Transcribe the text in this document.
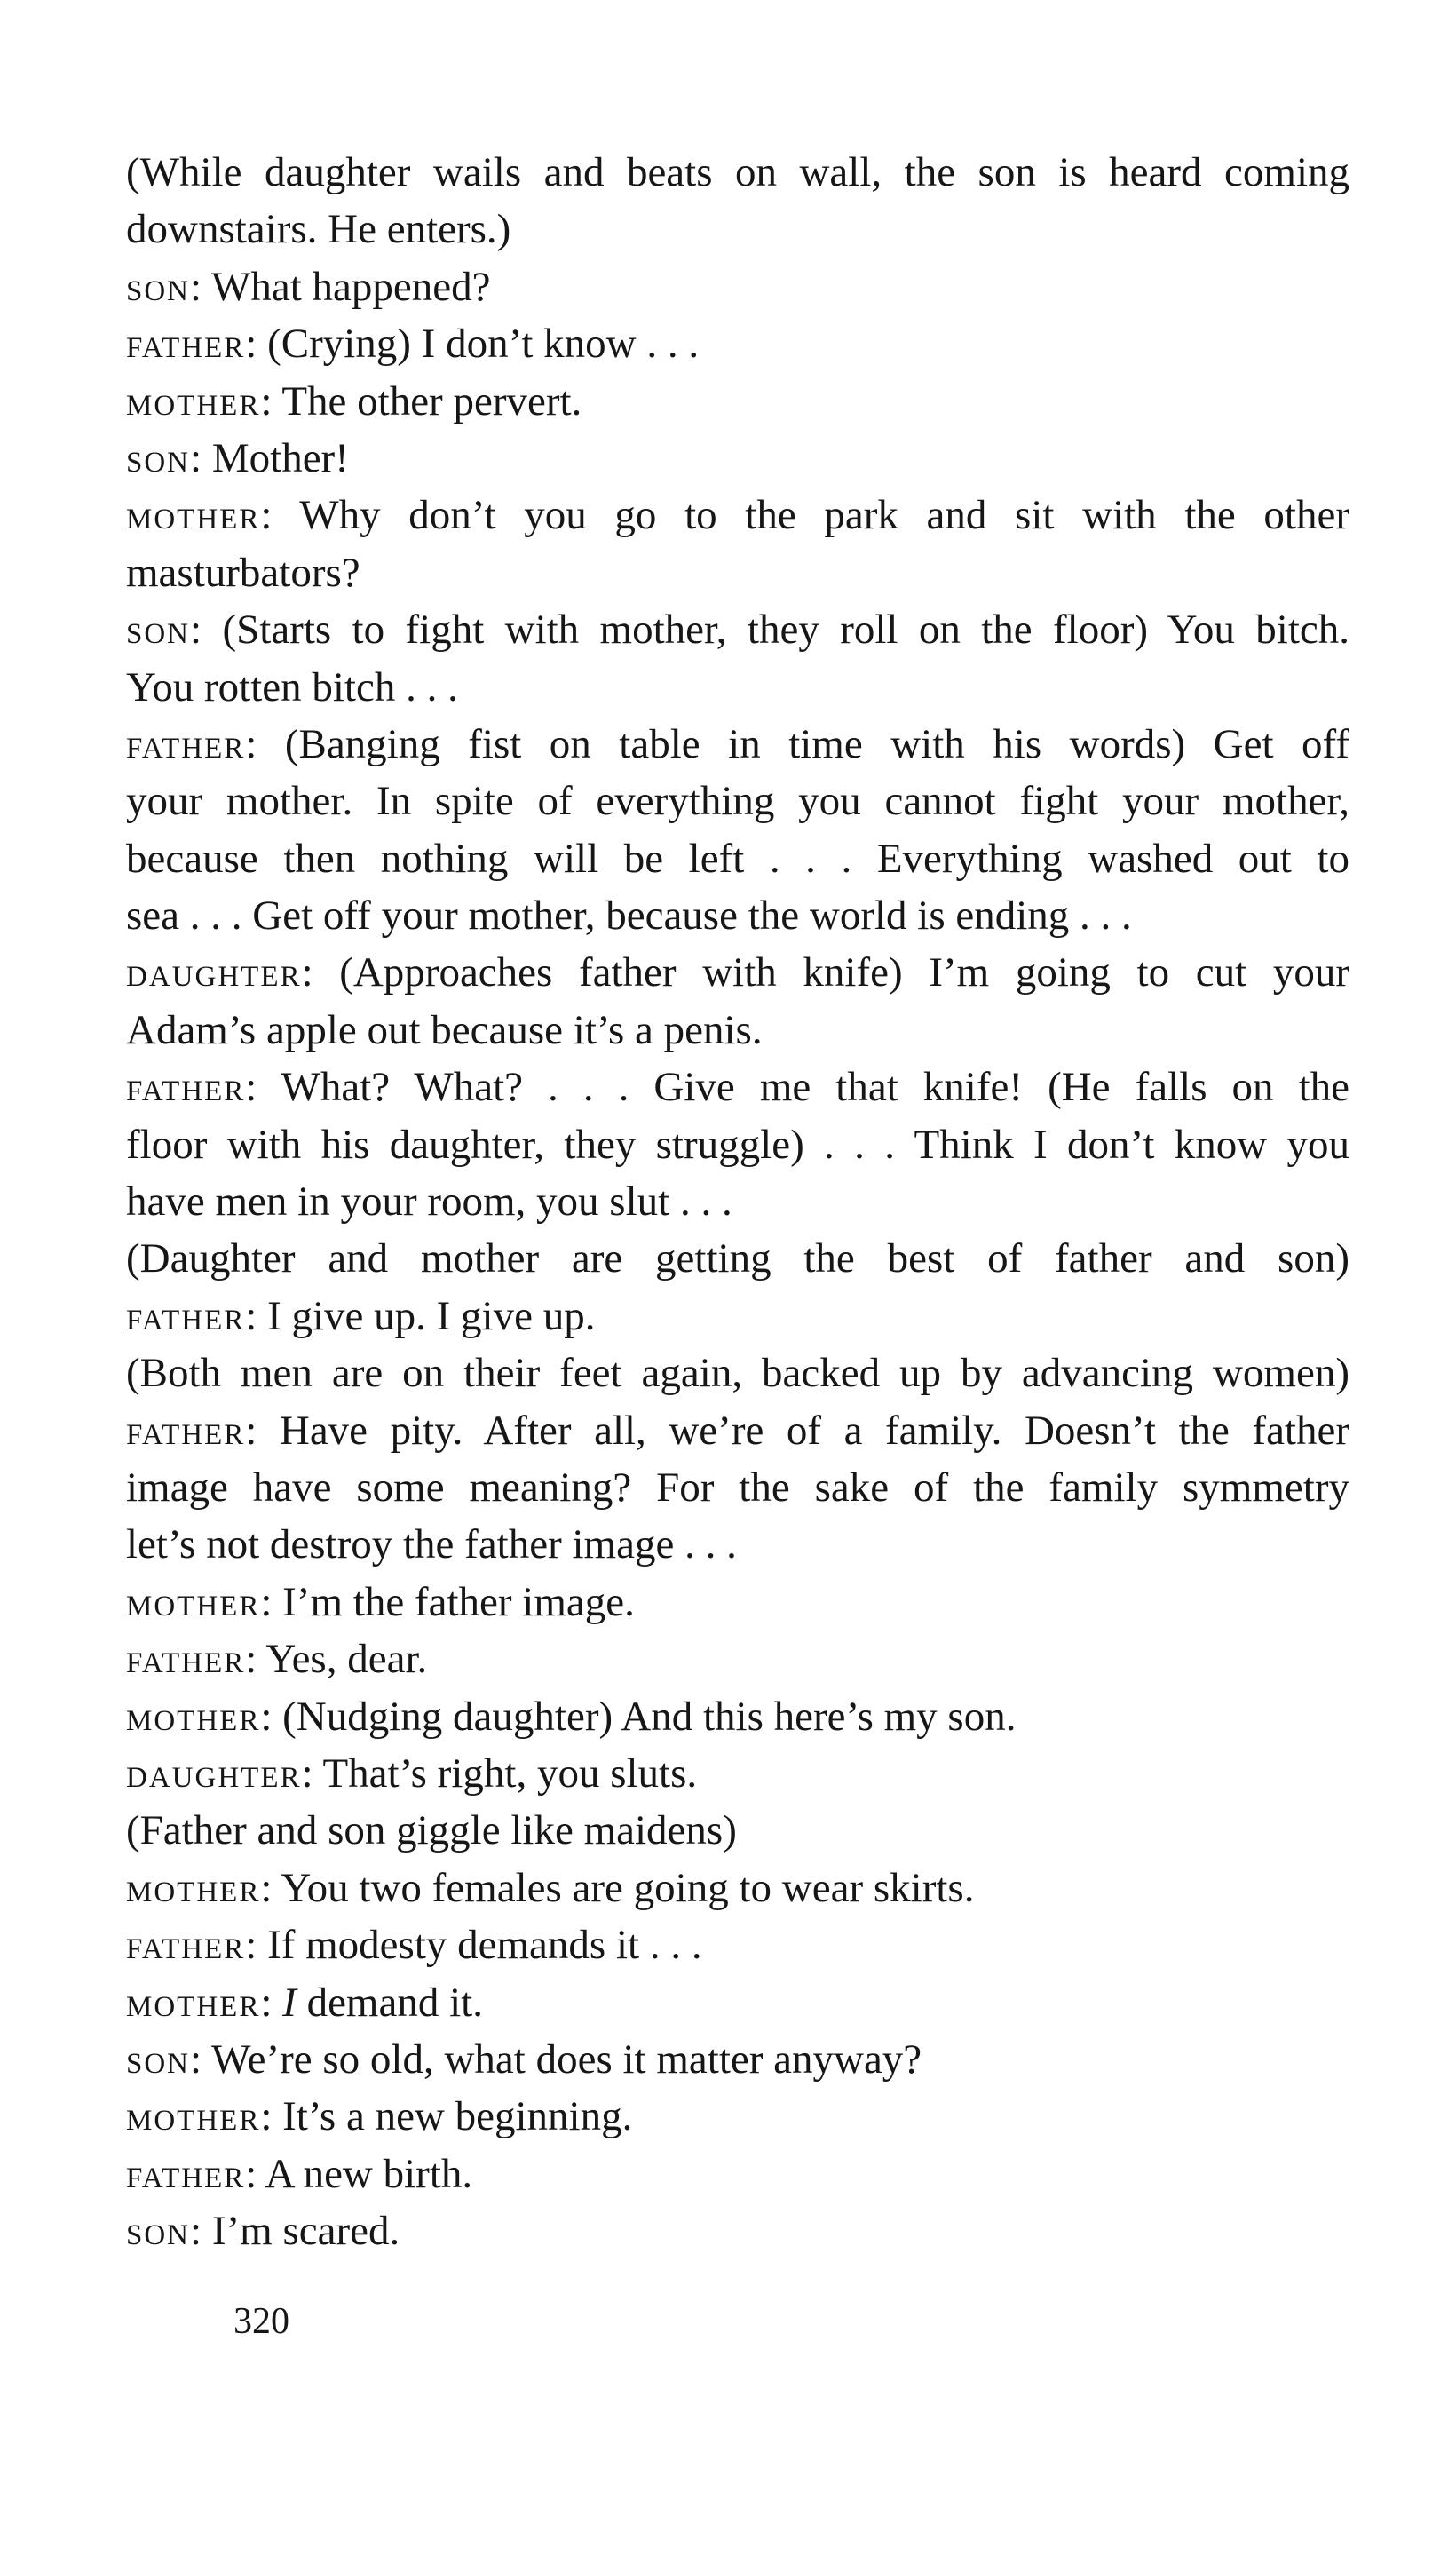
(While daughter wails and beats on wall, the son is heard coming
downstairs. He enters.)
son: What happened?
father: (Crying) I don’t know . . .
mother: The other pervert.
son: Mother!
mother: Why don’t you go to the park and sit with the other
masturbators?
son: (Starts to fight with mother, they roll on the floor) You bitch.
You rotten bitch . . .
father: (Banging fist on table in time with his words) Get off
your mother. In spite of everything you cannot fight your mother,
because then nothing will be left . . . Everything washed out to
sea . . . Get off your mother, because the world is ending . . .
daughter: (Approaches father with knife) I’m going to cut your
Adam’s apple out because it’s a penis.
father: What? What? . . . Give me that knife! (He falls on the
floor with his daughter, they struggle) . . . Think I don’t know you
have men in your room, you slut . . .
(Daughter and mother are getting the best of father and son)
father: I give up. I give up.
(Both men are on their feet again, backed up by advancing women)
father: Have pity. After all, we’re of a family. Doesn’t the father
image have some meaning? For the sake of the family symmetry
let’s not destroy the father image . . .
mother: I’m the father image.
father: Yes, dear.
mother: (Nudging daughter) And this here’s my son.
daughter: That’s right, you sluts.
(Father and son giggle like maidens)
mother: You two females are going to wear skirts.
father: If modesty demands it . . .
mother: I demand it.
son: We’re so old, what does it matter anyway?
mother: It’s a new beginning.
father: A new birth.
son: I’m scared.
320
